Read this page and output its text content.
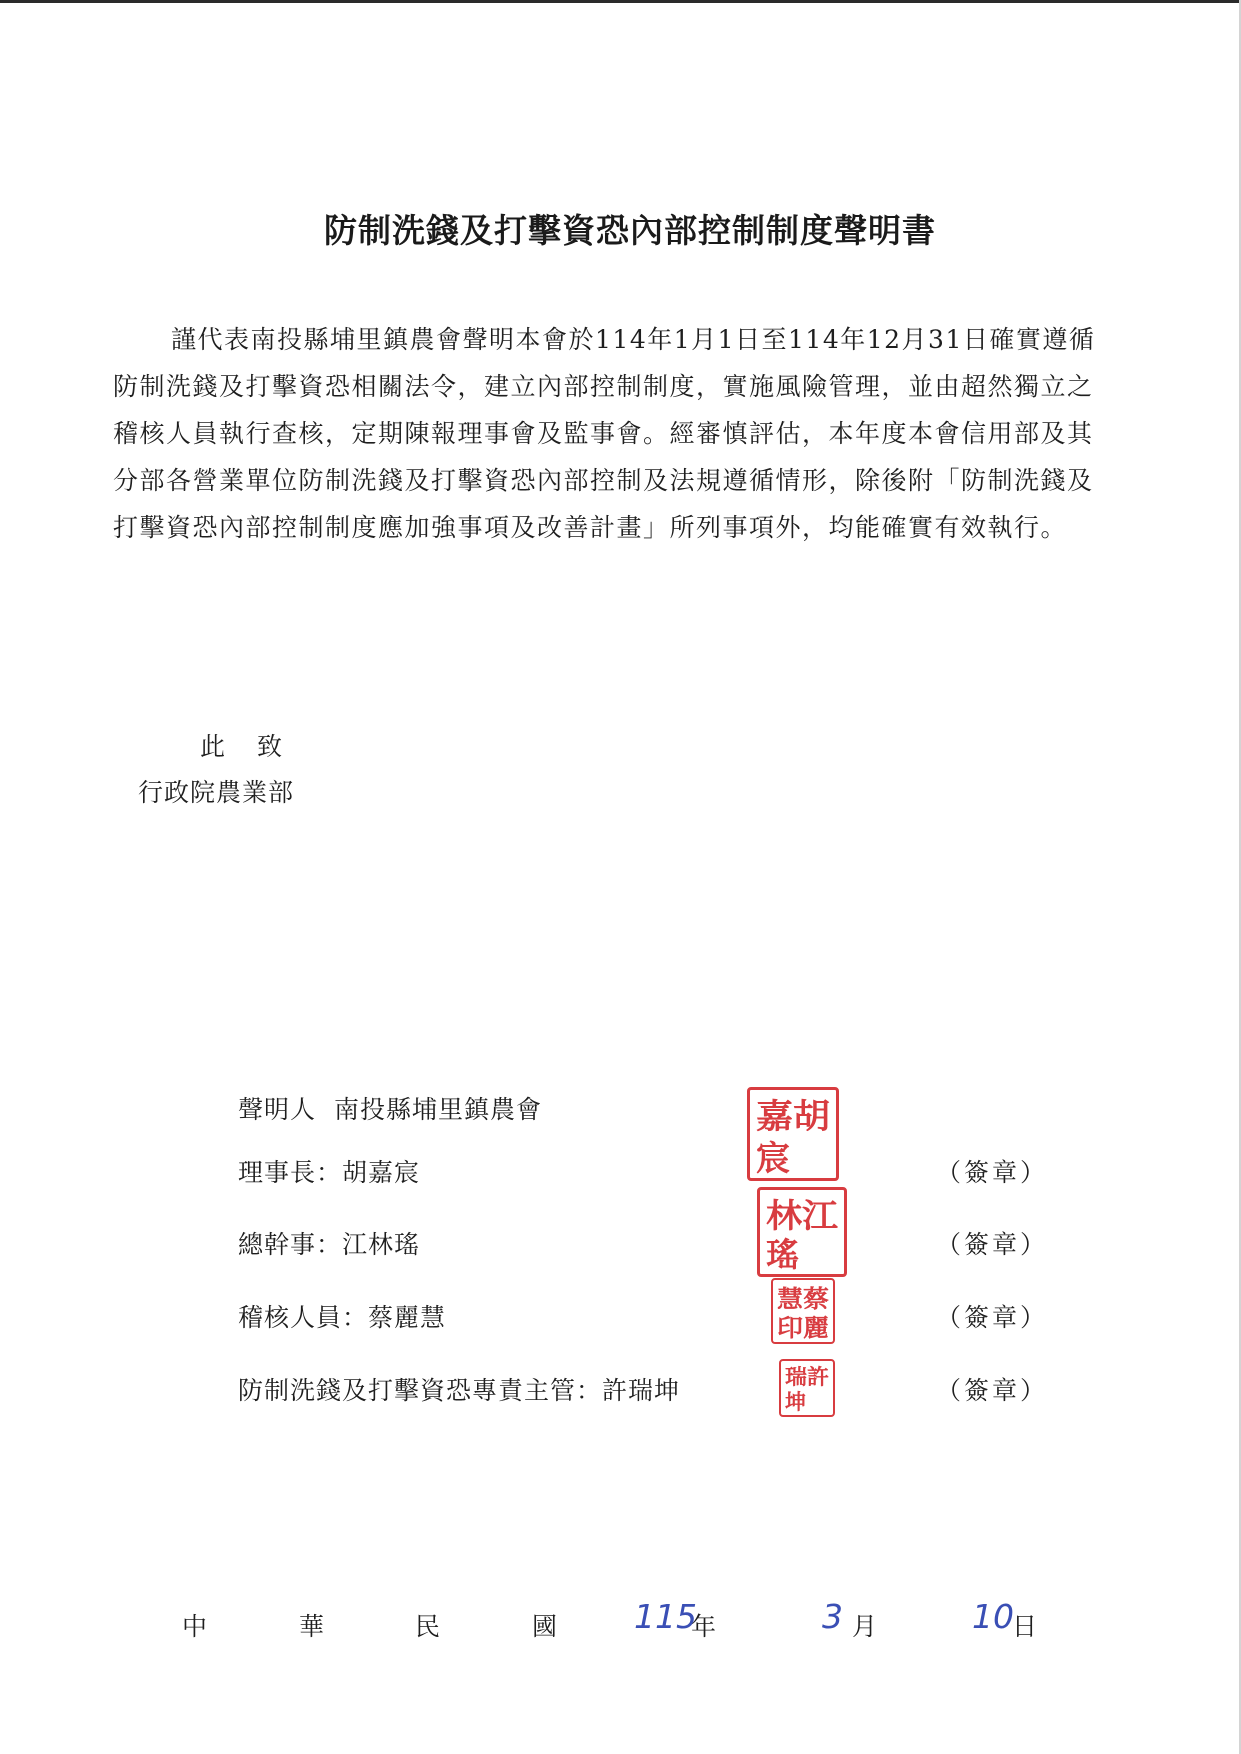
防制洗錢及打擊資恐內部控制制度聲明書

謹代表南投縣埔里鎮農會聲明本會於114年1月1日至114年12月31日確實遵循防制洗錢及打擊資恐相關法令，建立內部控制制度，實施風險管理，並由超然獨立之稽核人員執行查核，定期陳報理事會及監事會。經審慎評估，本年度本會信用部及其分部各營業單位防制洗錢及打擊資恐內部控制及法規遵循情形，除後附「防制洗錢及打擊資恐內部控制制度應加強事項及改善計畫」所列事項外，均能確實有效執行。

此 致
行政院農業部
聲明人 南投縣埔里鎮農會
理事長：胡嘉宸	（簽章）
嘉胡
宸
總幹事：江林瑤	（簽章）
林江
瑤
稽核人員：蔡麗慧	（簽章）
慧蔡
印麗
防制洗錢及打擊資恐專責主管：許瑞坤	（簽章）
瑞許
坤
中	華	民	國 115
年	3 月	10
日
